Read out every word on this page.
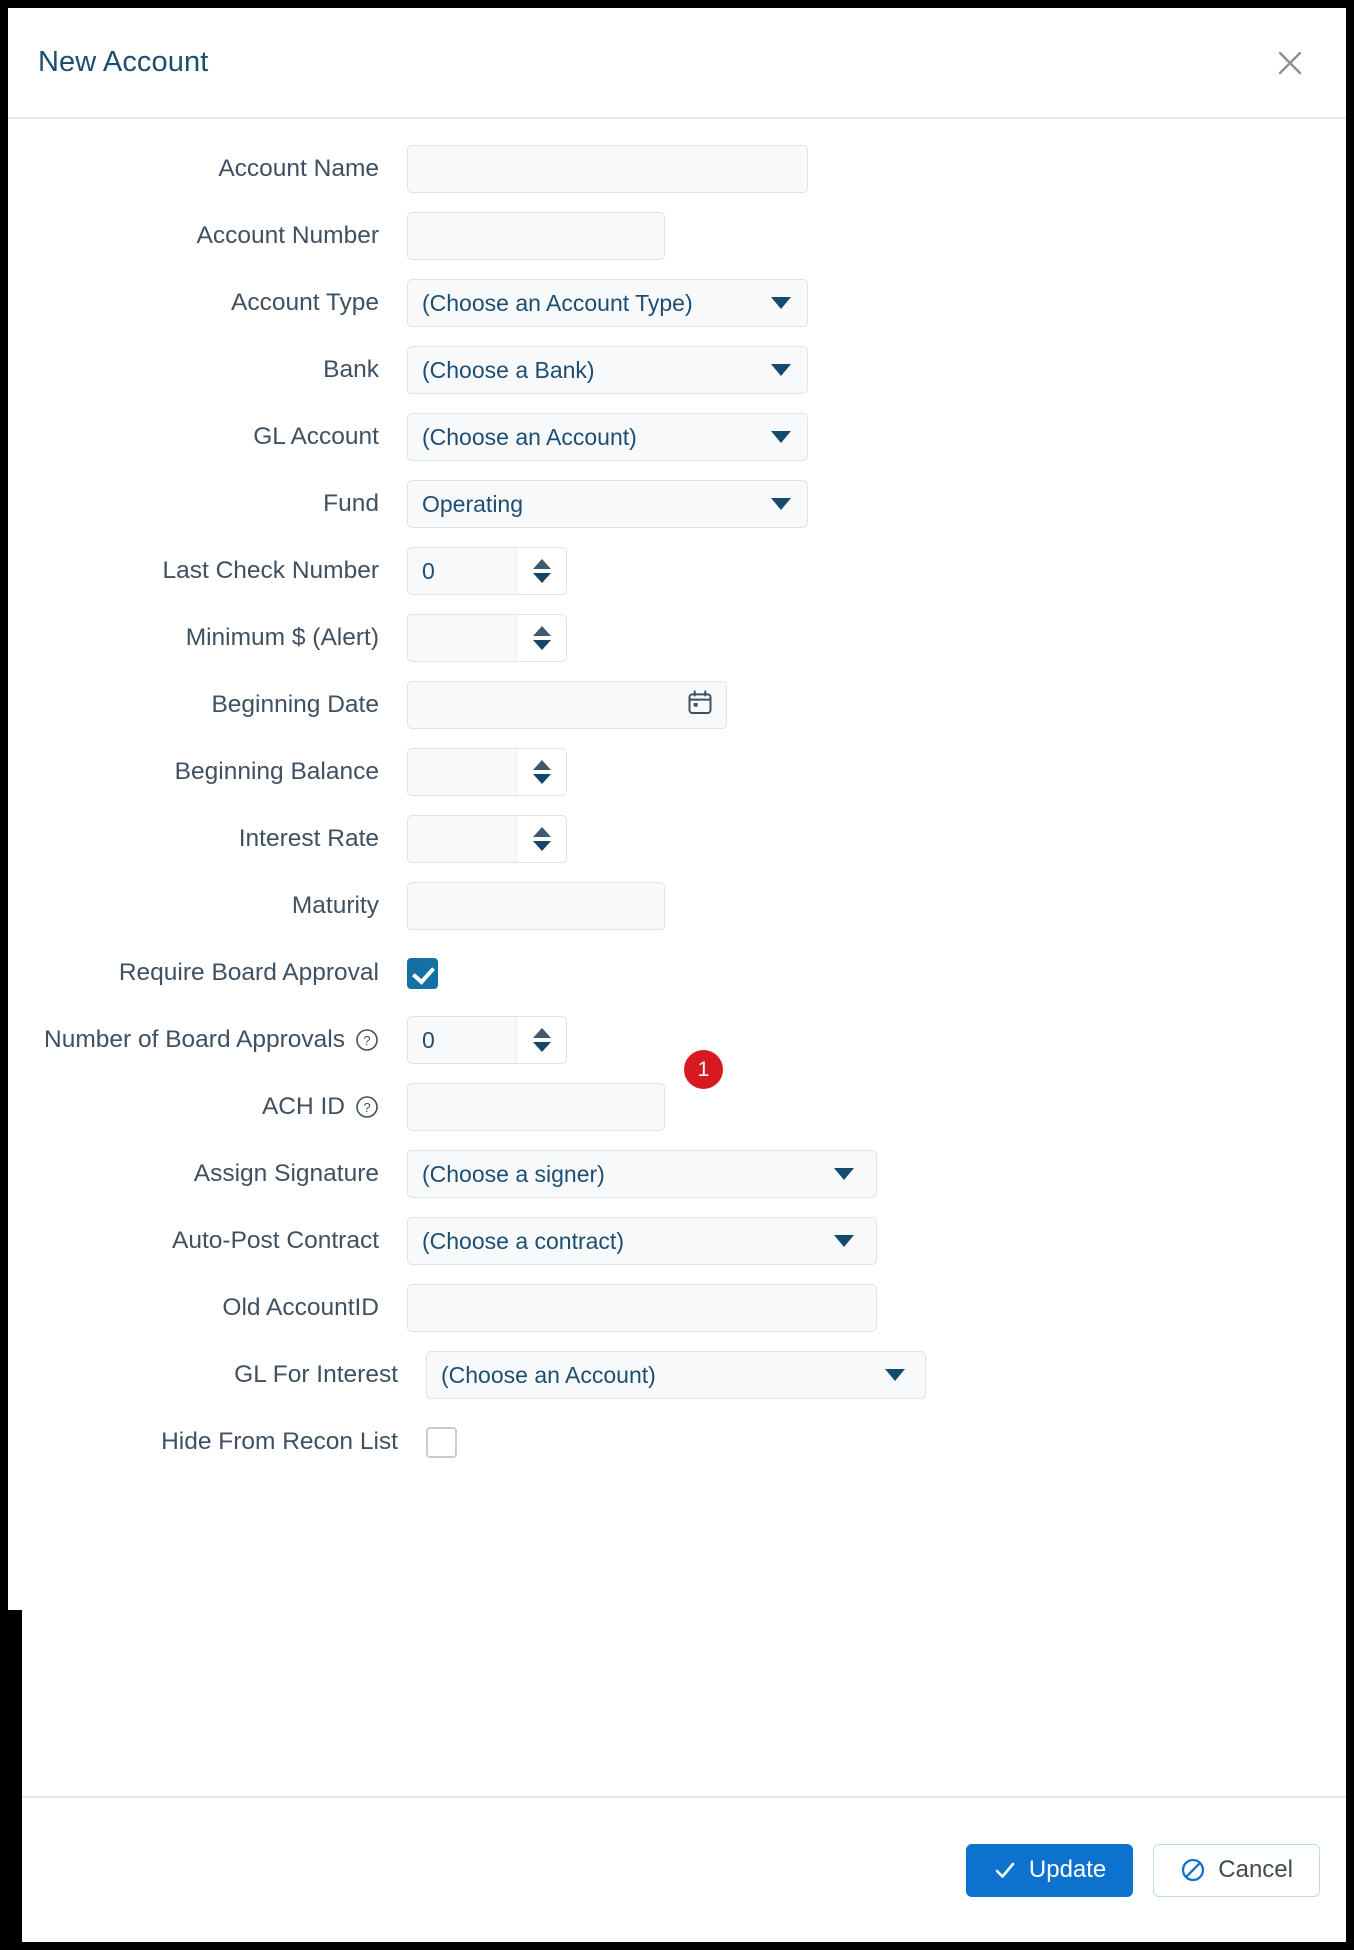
New Account
Account Name
Account Number
Account Type	(Choose an Account Type)
Bank	(Choose a Bank)
GL Account	(Choose an Account)
Fund	Operating
Last Check Number	0
Minimum $ (Alert)
Beginning Date
Beginning Balance
Interest Rate
Maturity
Require Board Approval
Number of Board Approvals ?	0
ACH ID ?
1
Assign Signature	(Choose a signer)
Auto-Post Contract	(Choose a contract)
Old AccountID
GL For Interest	(Choose an Account)
Hide From Recon List
Update	Cancel
